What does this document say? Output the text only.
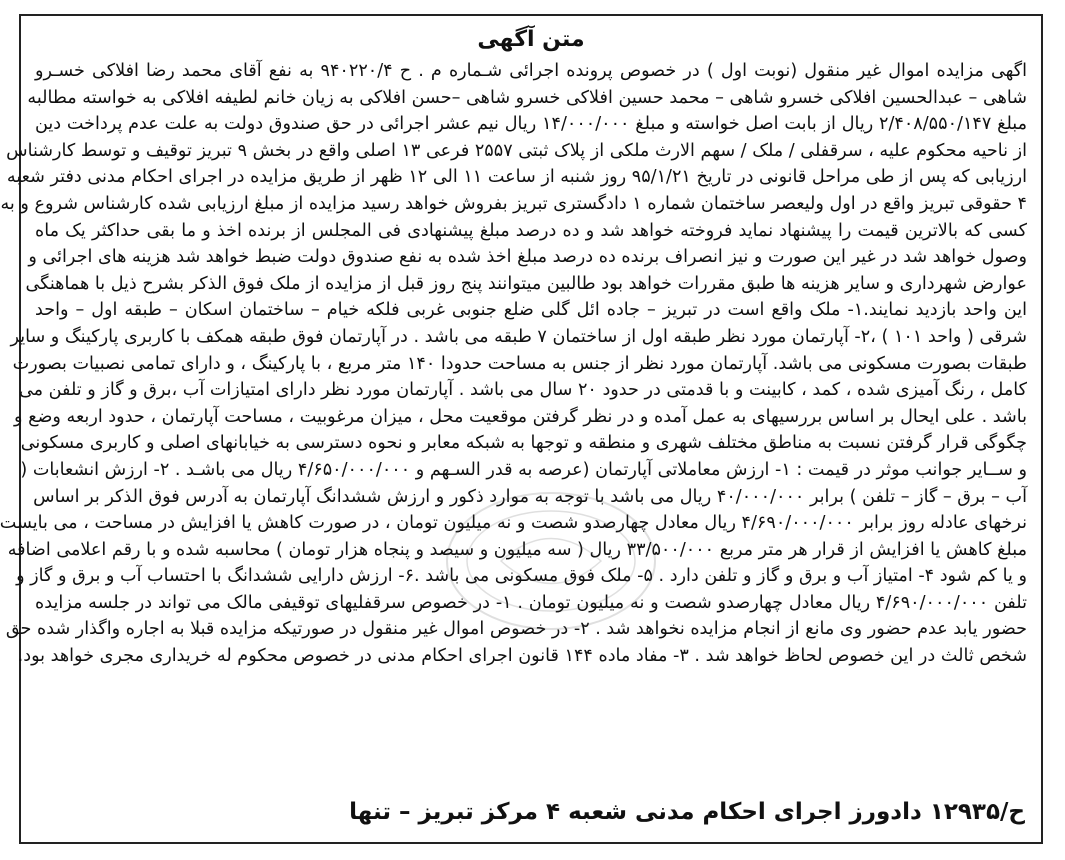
متن آگهی
اگهی مزایده اموال غیر منقول (نوبت اول ) در خصوص پرونده اجرائی شـماره م . ح ۹۴۰۲۲۰/۴ به نفع آقای محمد رضا افلاکی خسـرو
شاهی – عبدالحسین افلاکی خسرو شاهی – محمد حسین افلاکی خسرو شاهی –حسن افلاکی به زیان خانم لطیفه افلاکی به خواسته مطالبه
مبلغ ۲/۴۰۸/۵۵۰/۱۴۷ ریال از بابت اصل خواسته و مبلغ ۱۴/۰۰۰/۰۰۰ ریال نیم عشر اجرائی در حق صندوق دولت به علت عدم پرداخت دین
از ناحیه محکوم علیه ، سرقفلی / ملک / سهم الارث ملکی از پلاک ثبتی ۲۵۵۷ فرعی ۱۳ اصلی واقع در بخش ۹ تبریز توقیف و توسط کارشناس
ارزیابی که پس از طی مراحل قانونی در تاریخ ۹۵/۱/۲۱ روز شنبه از ساعت ۱۱ الی ۱۲ ظهر از طریق مزایده در اجرای احکام مدنی دفتر شعبه
۴ حقوقی تبریز واقع در اول ولیعصر ساختمان شماره ۱ دادگستری تبریز بفروش خواهد رسید مزایده از مبلغ ارزیابی شده کارشناس شروع و به
کسی که بالاترین قیمت را پیشنهاد نماید فروخته خواهد شد و ده درصد مبلغ پیشنهادی فی المجلس از برنده اخذ و ما بقی حداکثر یک ماه
وصول خواهد شد در غیر این صورت و نیز انصراف برنده ده درصد مبلغ اخذ شده به نفع صندوق دولت ضبط خواهد شد هزینه های اجرائی و
عوارض شهرداری و سایر هزینه ها طبق مقررات خواهد بود طالبین میتوانند پنج روز قبل از مزایده از ملک فوق الذکر بشرح ذیل با هماهنگی
این واحد بازدید نمایند.۱- ملک واقع است در تبریز – جاده ائل گلی ضلع جنوبی غربی فلکه خیام – ساختمان اسکان – طبقه اول – واحد
شرقی ( واحد ۱۰۱ ) ،۲- آپارتمان مورد نظر طبقه اول از ساختمان ۷ طبقه می باشد . در آپارتمان فوق طبقه همکف با کاربری پارکینگ و سایر
طبقات بصورت مسکونی می باشد. آپارتمان مورد نظر از جنس به مساحت حدودا ۱۴۰ متر مربع ، با پارکینگ ، و دارای تمامی نصبیات بصورت
کامل ، رنگ آمیزی شده ، کمد ، کابینت و با قدمتی در حدود ۲۰ سال می باشد . آپارتمان مورد نظر دارای امتیازات آب ،برق و گاز و تلفن می
باشد . علی ایحال بر اساس بررسیهای به عمل آمده و در نظر گرفتن موقعیت محل ، میزان مرغوبیت ، مساحت آپارتمان ، حدود اربعه وضع و
چگوگی قرار گرفتن نسبت به مناطق مختلف شهری و منطقه و توجها به شبکه معابر و نحوه دسترسی به خیابانهای اصلی و کاربری مسکونی
و ســایر جوانب موثر در قیمت : ۱- ارزش معاملاتی آپارتمان (عرصه به قدر السـهم و ۴/۶۵۰/۰۰۰/۰۰۰ ریال می باشـد . ۲- ارزش انشعابات (
آب – برق – گاز – تلفن ) برابر ۴۰/۰۰۰/۰۰۰ ریال می باشد با توجه به موارد ذکور و ارزش ششدانگ آپارتمان به آدرس فوق الذکر بر اساس
نرخهای عادله روز برابر ۴/۶۹۰/۰۰۰/۰۰۰ ریال معادل چهارصدو شصت و نه میلیون تومان ، در صورت کاهش یا افزایش در مساحت ، می بایست
مبلغ کاهش یا افزایش از قرار هر متر مربع ۳۳/۵۰۰/۰۰۰ ریال ( سه میلیون و سیصد و پنجاه هزار تومان ) محاسبه شده و با رقم اعلامی اضافه
و یا کم شود ۴- امتیاز آب و برق و گاز و تلفن دارد . ۵- ملک فوق مسکونی می باشد .۶- ارزش دارایی ششدانگ با احتساب آب و برق و گاز و
تلفن ۴/۶۹۰/۰۰۰/۰۰۰ ریال معادل چهارصدو شصت و نه میلیون تومان . ۱- در خصوص سرقفلیهای توقیفی مالک می تواند در جلسه مزایده
حضور یابد عدم حضور وی مانع از انجام مزایده نخواهد شد . ۲- در خصوص اموال غیر منقول در صورتیکه مزایده قبلا به اجاره واگذار شده حق
شخص ثالث در این خصوص لحاظ خواهد شد . ۳- مفاد ماده ۱۴۴ قانون اجرای احکام مدنی در خصوص محکوم له خریداری مجری خواهد بود.
ح/۱۲۹۳۵ دادورز اجرای احکام مدنی شعبه ۴ مرکز تبریز – تنها
